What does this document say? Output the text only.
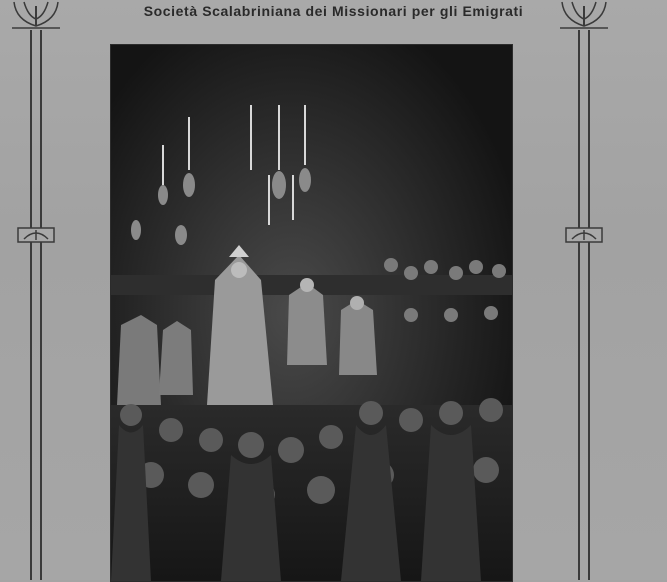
Società Scalabriniana dei Missionari per gli Emigrati
